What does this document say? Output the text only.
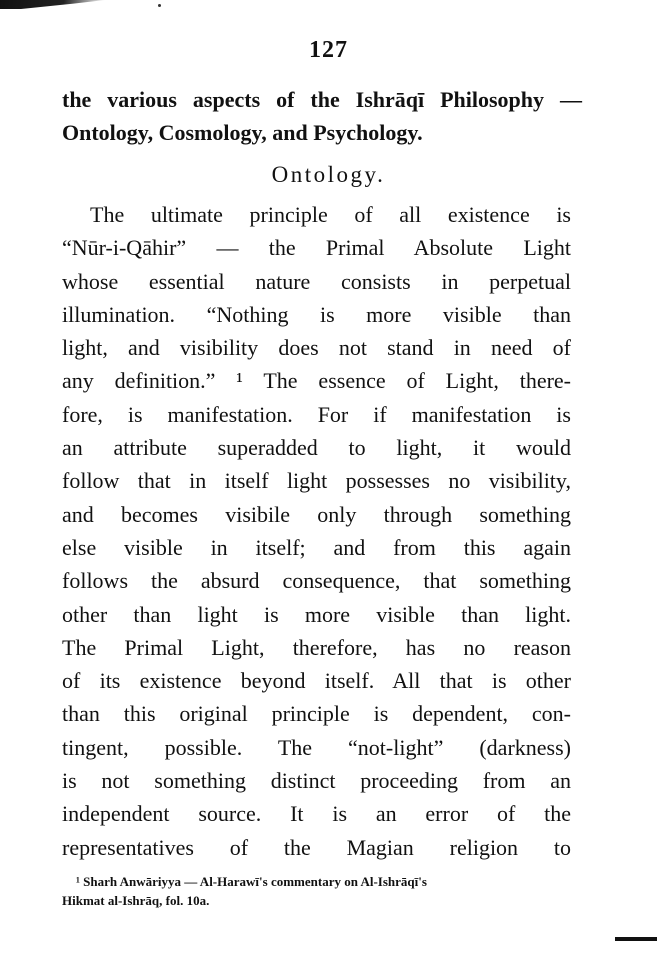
127
the various aspects of the Ishrāqī Philosophy —
Ontology, Cosmology, and Psychology.
Ontology.
The ultimate principle of all existence is
“Nūr-i-Qāhir” — the Primal Absolute Light
whose essential nature consists in perpetual
illumination. “Nothing is more visible than
light, and visibility does not stand in need of
any definition.” ¹ The essence of Light, there-
fore, is manifestation. For if manifestation is
an attribute superadded to light, it would
follow that in itself light possesses no visibility,
and becomes visibile only through something
else visible in itself; and from this again
follows the absurd consequence, that something
other than light is more visible than light.
The Primal Light, therefore, has no reason
of its existence beyond itself. All that is other
than this original principle is dependent, con-
tingent, possible. The “not-light” (darkness)
is not something distinct proceeding from an
independent source. It is an error of the
representatives of the Magian religion to
¹ Sharh Anwāriyya — Al-Harawī's commentary on Al-Ishrāqī's
Hikmat al-Ishrāq, fol. 10a.
